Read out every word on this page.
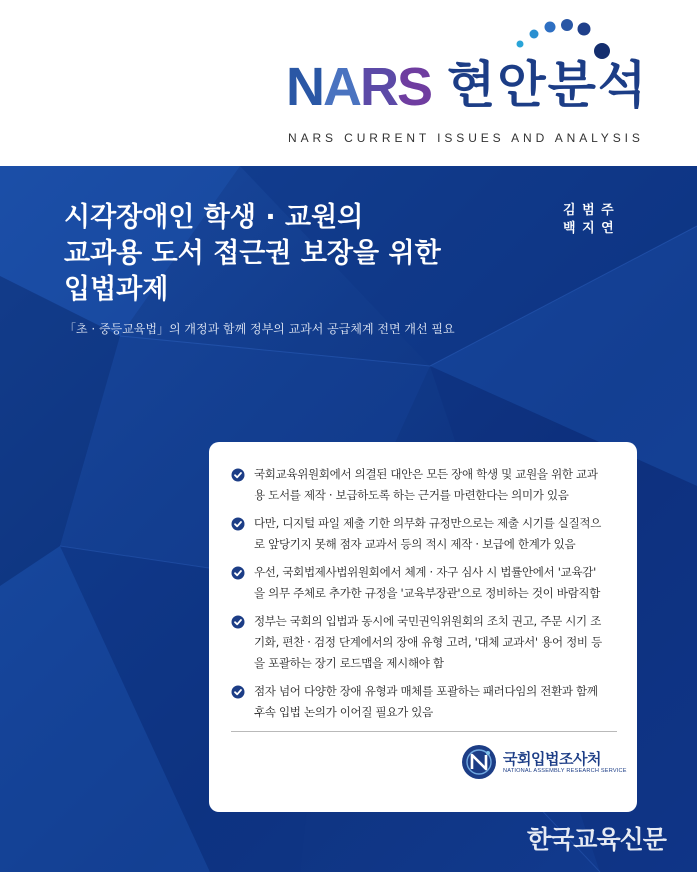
NARS 현안분석
NARS CURRENT ISSUES AND ANALYSIS
시각장애인 학생 · 교원의
교과용 도서 접근권 보장을 위한
입법과제
김 범 주
백 지 연
「초 · 중등교육법」의 개정과 함께 정부의 교과서 공급체계 전면 개선 필요
국회교육위원회에서 의결된 대안은 모든 장애 학생 및 교원을 위한 교과
용 도서를 제작 · 보급하도록 하는 근거를 마련한다는 의미가 있음
다만, 디지털 파일 제출 기한 의무화 규정만으로는 제출 시기를 실질적으
로 앞당기지 못해 점자 교과서 등의 적시 제작 · 보급에 한계가 있음
우선, 국회법제사법위원회에서 체계 · 자구 심사 시 법률안에서 '교육감'
을 의무 주체로 추가한 규정을 '교육부장관'으로 정비하는 것이 바람직함
정부는 국회의 입법과 동시에 국민권익위원회의 조치 권고, 주문 시기 조
기화, 편찬 · 검정 단계에서의 장애 유형 고려, '대체 교과서' 용어 정비 등
을 포괄하는 장기 로드맵을 제시해야 함
점자 넘어 다양한 장애 유형과 매체를 포괄하는 패러다임의 전환과 함께
후속 입법 논의가 이어질 필요가 있음
국회입법조사처
NATIONAL ASSEMBLY RESEARCH SERVICE
한국교육신문
